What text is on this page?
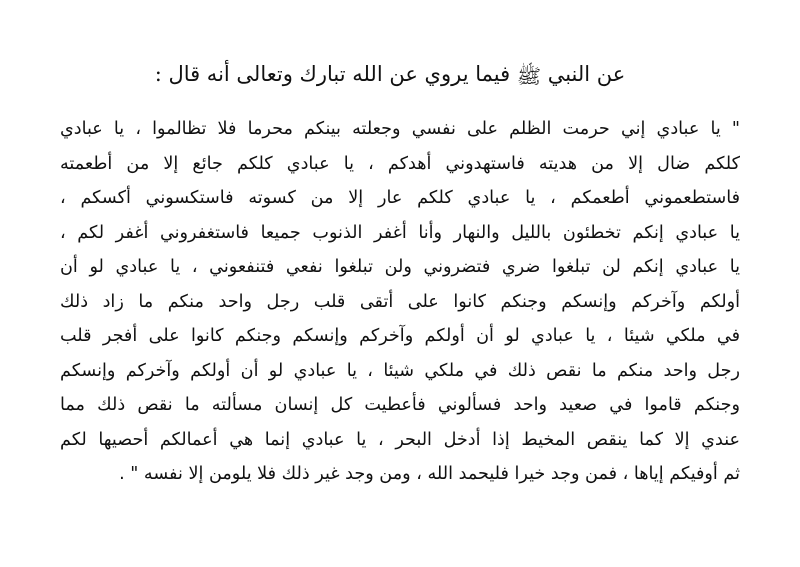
عن النبي ﷺ فيما يروي عن الله تبارك وتعالى أنه قال :
" يا عبادي إني حرمت الظلم على نفسي وجعلته بينكم محرما فلا تظالموا ، يا عبادي
كلكم ضال إلا من هديته فاستهدوني أهدكم ، يا عبادي كلكم جائع إلا من أطعمته
فاستطعموني أطعمكم ، يا عبادي كلكم عار إلا من كسوته فاستكسوني أكسكم ،
يا عبادي إنكم تخطئون بالليل والنهار وأنا أغفر الذنوب جميعا فاستغفروني أغفر لكم ،
يا عبادي إنكم لن تبلغوا ضري فتضروني ولن تبلغوا نفعي فتنفعوني ، يا عبادي لو أن
أولكم وآخركم وإنسكم وجنكم كانوا على أتقى قلب رجل واحد منكم ما زاد ذلك
في ملكي شيئا ، يا عبادي لو أن أولكم وآخركم وإنسكم وجنكم كانوا على أفجر قلب
رجل واحد منكم ما نقص ذلك في ملكي شيئا ، يا عبادي لو أن أولكم وآخركم وإنسكم
وجنكم قاموا في صعيد واحد فسألوني فأعطيت كل إنسان مسألته ما نقص ذلك مما
عندي إلا كما ينقص المخيط إذا أدخل البحر ، يا عبادي إنما هي أعمالكم أحصيها لكم
ثم أوفيكم إياها ، فمن وجد خيرا فليحمد الله ، ومن وجد غير ذلك فلا يلومن إلا نفسه " .
